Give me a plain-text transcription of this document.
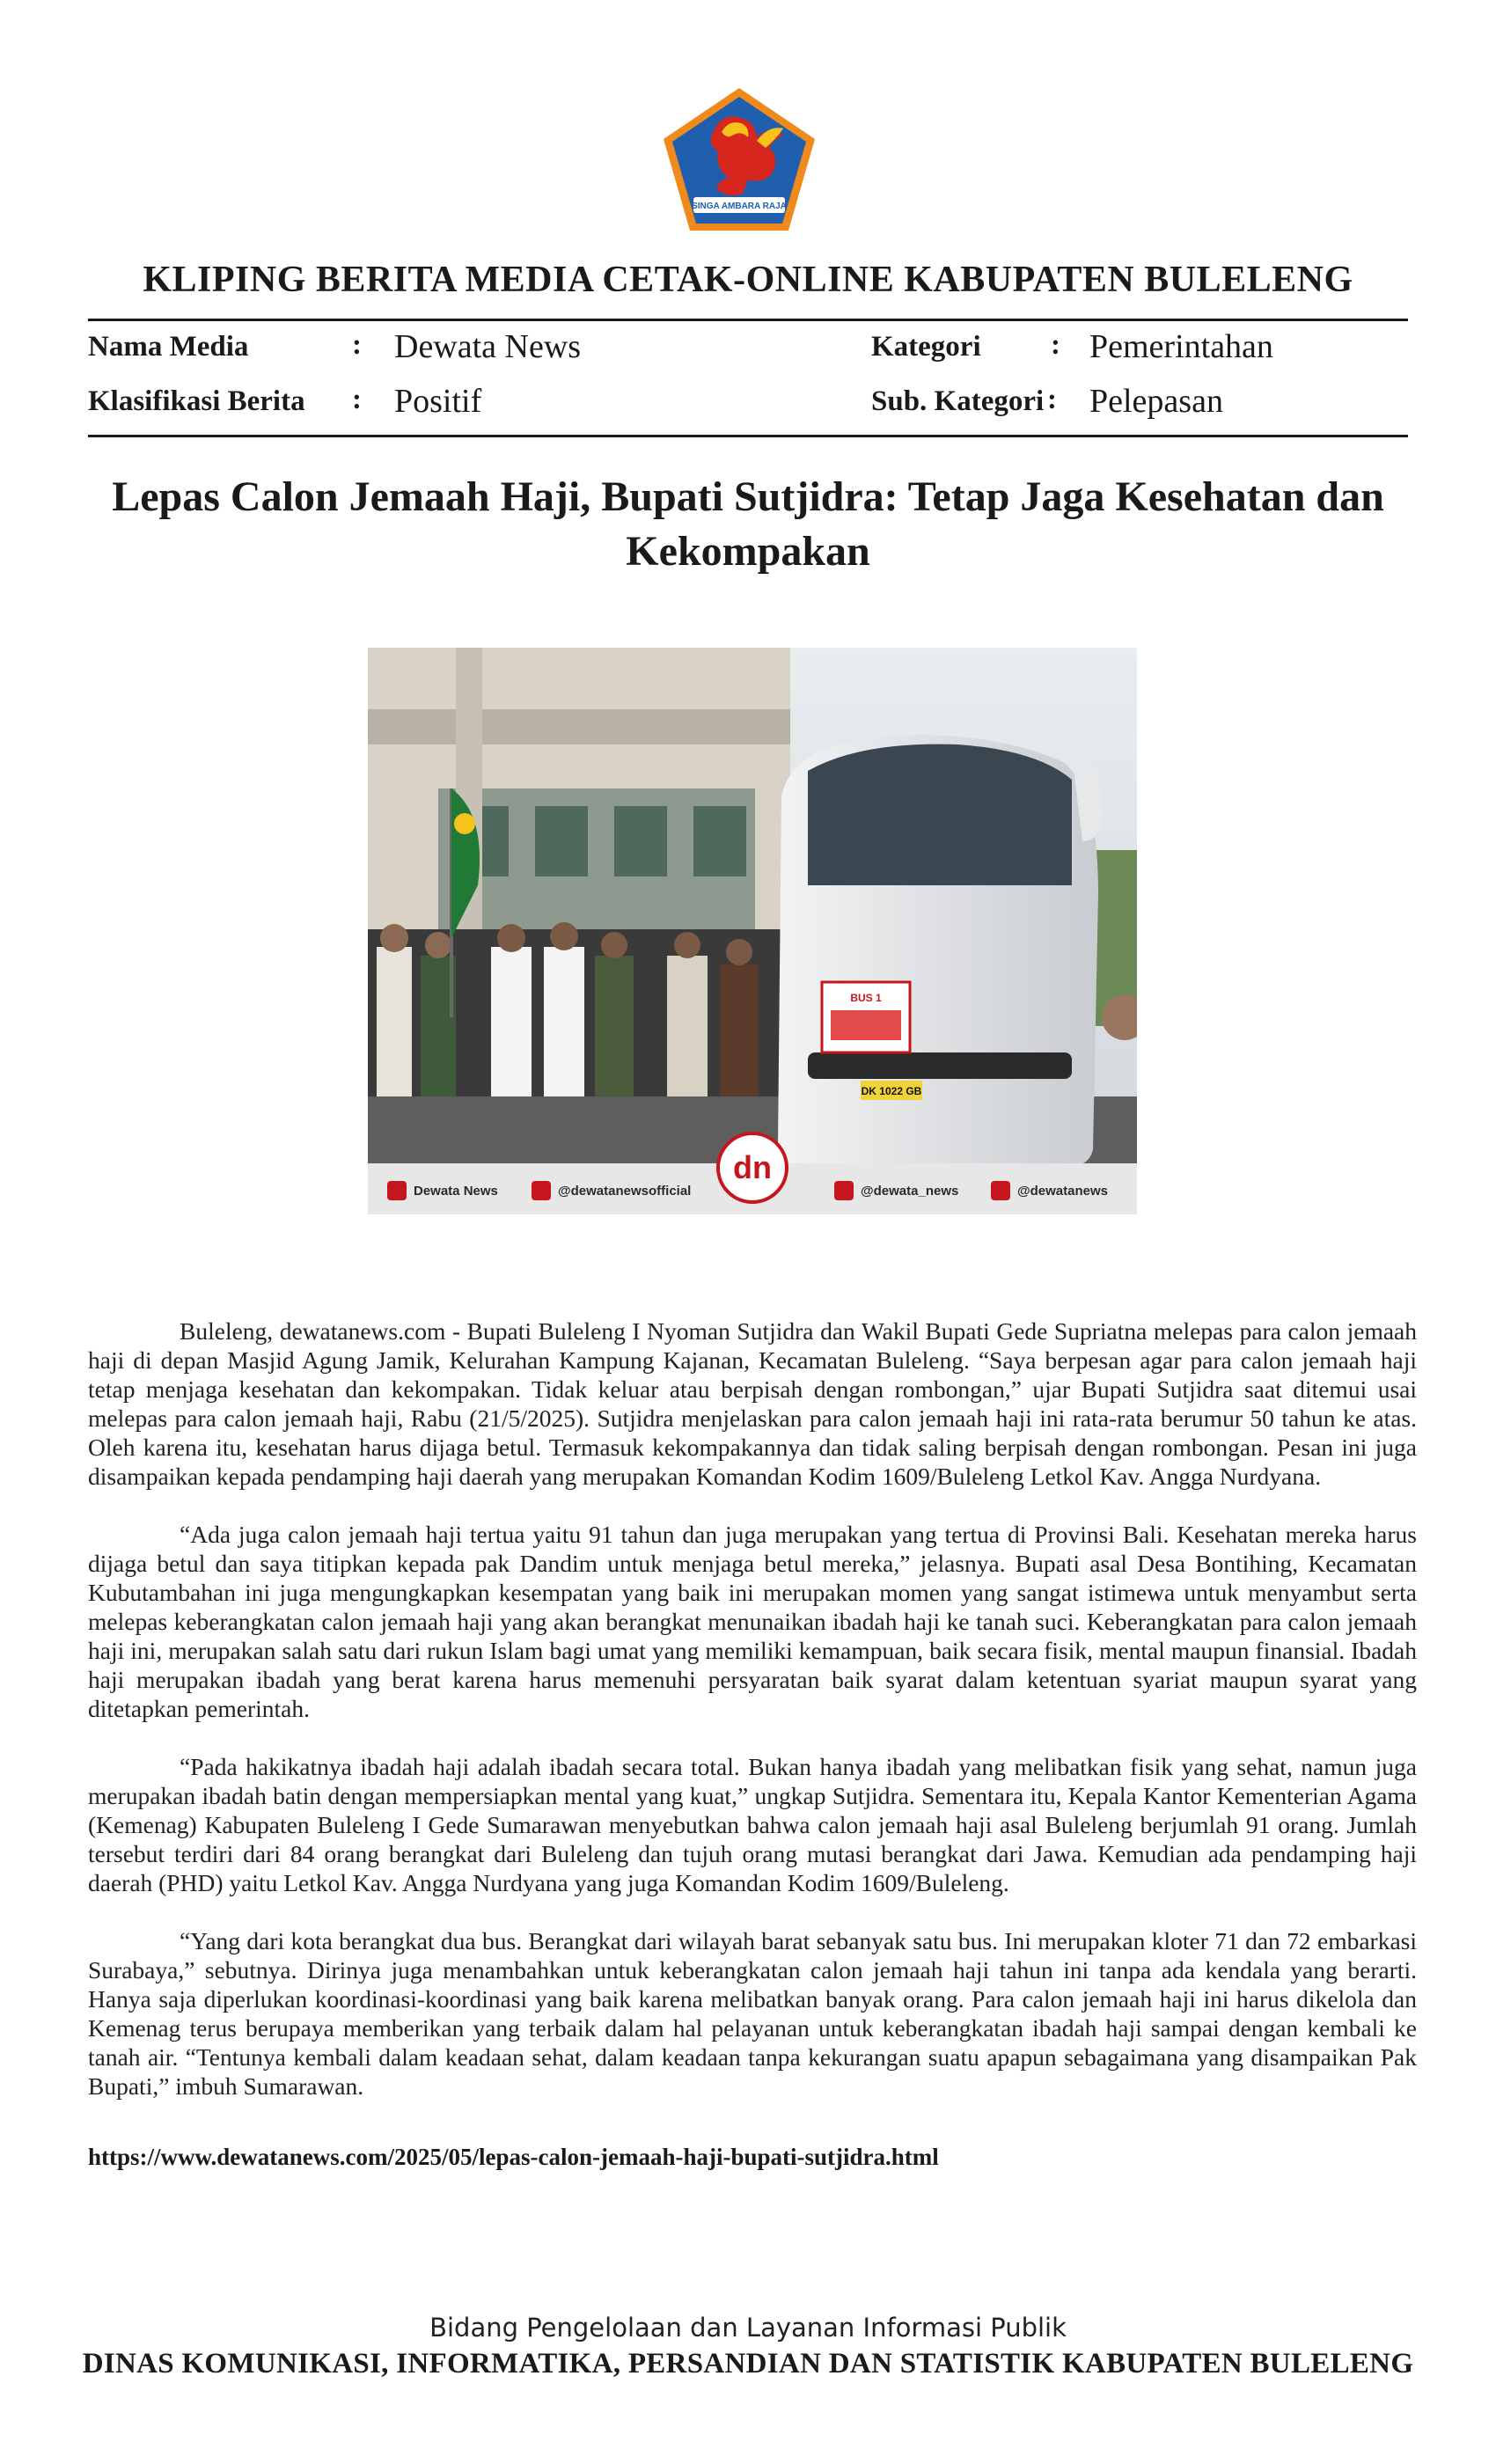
SINGA AMBARA RAJA
KLIPING BERITA MEDIA CETAK-ONLINE KABUPATEN BULELENG
Nama Media	: Dewata News	Kategori : Pemerintahan
Klasifikasi Berita : Positif	Sub. Kategori : Pelepasan
Lepas Calon Jemaah Haji, Bupati Sutjidra: Tetap Jaga Kesehatan dan Kekompakan
BUS 1
DK 1022 GB
Dewata News	@dewatanewsofficial
dn
@dewata_news	@dewatanews

Buleleng, dewatanews.com - Bupati Buleleng I Nyoman Sutjidra dan Wakil Bupati Gede Supriatna melepas para calon jemaah haji di depan Masjid Agung Jamik, Kelurahan Kampung Kajanan, Kecamatan Buleleng. “Saya berpesan agar para calon jemaah haji tetap menjaga kesehatan dan kekompakan. Tidak keluar atau berpisah dengan rombongan,” ujar Bupati Sutjidra saat ditemui usai melepas para calon jemaah haji, Rabu (21/5/2025). Sutjidra menjelaskan para calon jemaah haji ini rata-rata berumur 50 tahun ke atas. Oleh karena itu, kesehatan harus dijaga betul. Termasuk kekompakannya dan tidak saling berpisah dengan rombongan. Pesan ini juga disampaikan kepada pendamping haji daerah yang merupakan Komandan Kodim 1609/Buleleng Letkol Kav. Angga Nurdyana.

“Ada juga calon jemaah haji tertua yaitu 91 tahun dan juga merupakan yang tertua di Provinsi Bali. Kesehatan mereka harus dijaga betul dan saya titipkan kepada pak Dandim untuk menjaga betul mereka,” jelasnya. Bupati asal Desa Bontihing, Kecamatan Kubutambahan ini juga mengungkapkan kesempatan yang baik ini merupakan momen yang sangat istimewa untuk menyambut serta melepas keberangkatan calon jemaah haji yang akan berangkat menunaikan ibadah haji ke tanah suci. Keberangkatan para calon jemaah haji ini, merupakan salah satu dari rukun Islam bagi umat yang memiliki kemampuan, baik secara fisik, mental maupun finansial. Ibadah haji merupakan ibadah yang berat karena harus memenuhi persyaratan baik syarat dalam ketentuan syariat maupun syarat yang ditetapkan pemerintah.

“Pada hakikatnya ibadah haji adalah ibadah secara total. Bukan hanya ibadah yang melibatkan fisik yang sehat, namun juga merupakan ibadah batin dengan mempersiapkan mental yang kuat,” ungkap Sutjidra. Sementara itu, Kepala Kantor Kementerian Agama (Kemenag) Kabupaten Buleleng I Gede Sumarawan menyebutkan bahwa calon jemaah haji asal Buleleng berjumlah 91 orang. Jumlah tersebut terdiri dari 84 orang berangkat dari Buleleng dan tujuh orang mutasi berangkat dari Jawa. Kemudian ada pendamping haji daerah (PHD) yaitu Letkol Kav. Angga Nurdyana yang juga Komandan Kodim 1609/Buleleng.

“Yang dari kota berangkat dua bus. Berangkat dari wilayah barat sebanyak satu bus. Ini merupakan kloter 71 dan 72 embarkasi Surabaya,” sebutnya. Dirinya juga menambahkan untuk keberangkatan calon jemaah haji tahun ini tanpa ada kendala yang berarti. Hanya saja diperlukan koordinasi-koordinasi yang baik karena melibatkan banyak orang. Para calon jemaah haji ini harus dikelola dan Kemenag terus berupaya memberikan yang terbaik dalam hal pelayanan untuk keberangkatan ibadah haji sampai dengan kembali ke tanah air. “Tentunya kembali dalam keadaan sehat, dalam keadaan tanpa kekurangan suatu apapun sebagaimana yang disampaikan Pak Bupati,” imbuh Sumarawan.

https://www.dewatanews.com/2025/05/lepas-calon-jemaah-haji-bupati-sutjidra.html
Bidang Pengelolaan dan Layanan Informasi Publik
DINAS KOMUNIKASI, INFORMATIKA, PERSANDIAN DAN STATISTIK KABUPATEN BULELENG
